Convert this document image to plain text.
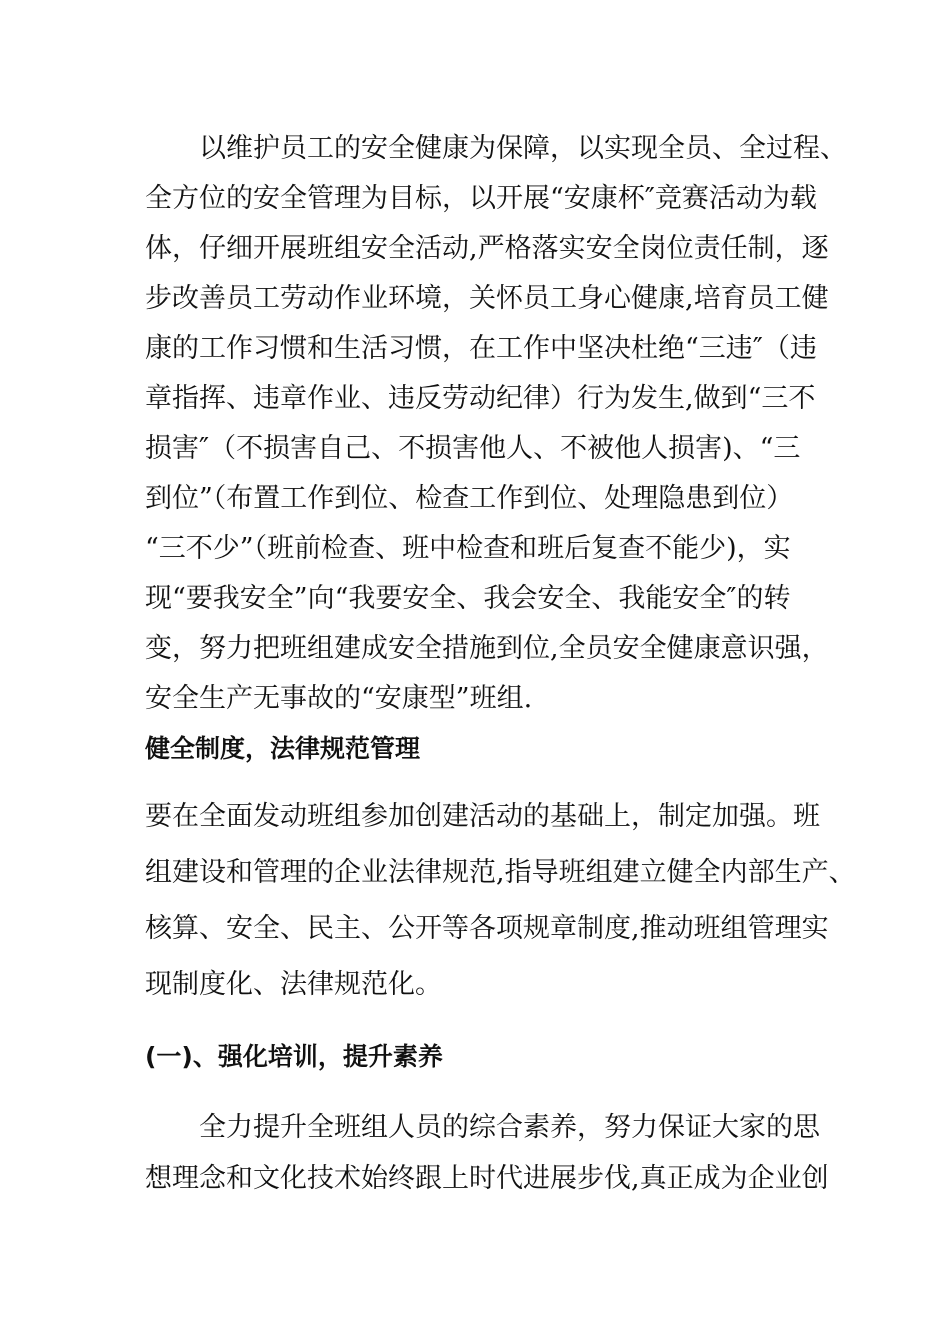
　　以维护员工的安全健康为保障，以实现全员、全过程、
全方位的安全管理为目标，以开展“安康杯″竞赛活动为载
体，仔细开展班组安全活动,严格落实安全岗位责任制，逐
步改善员工劳动作业环境，关怀员工身心健康,培育员工健
康的工作习惯和生活习惯，在工作中坚决杜绝“三违″（违
章指挥、违章作业、违反劳动纪律）行为发生,做到“三不
损害″（不损害自己、不损害他人、不被他人损害)、“三
到位”（布置工作到位、检查工作到位、处理隐患到位）
“三不少”（班前检查、班中检查和班后复查不能少)，实
现“要我安全”向“我要安全、我会安全、我能安全″的转
变，努力把班组建成安全措施到位,全员安全健康意识强，
安全生产无事故的“安康型”班组.
健全制度，法律规范管理
要在全面发动班组参加创建活动的基础上，制定加强。班
组建设和管理的企业法律规范,指导班组建立健全内部生产、
核算、安全、民主、公开等各项规章制度,推动班组管理实
现制度化、法律规范化。
(一)、强化培训，提升素养
　　全力提升全班组人员的综合素养，努力保证大家的思
想理念和文化技术始终跟上时代进展步伐,真正成为企业创
